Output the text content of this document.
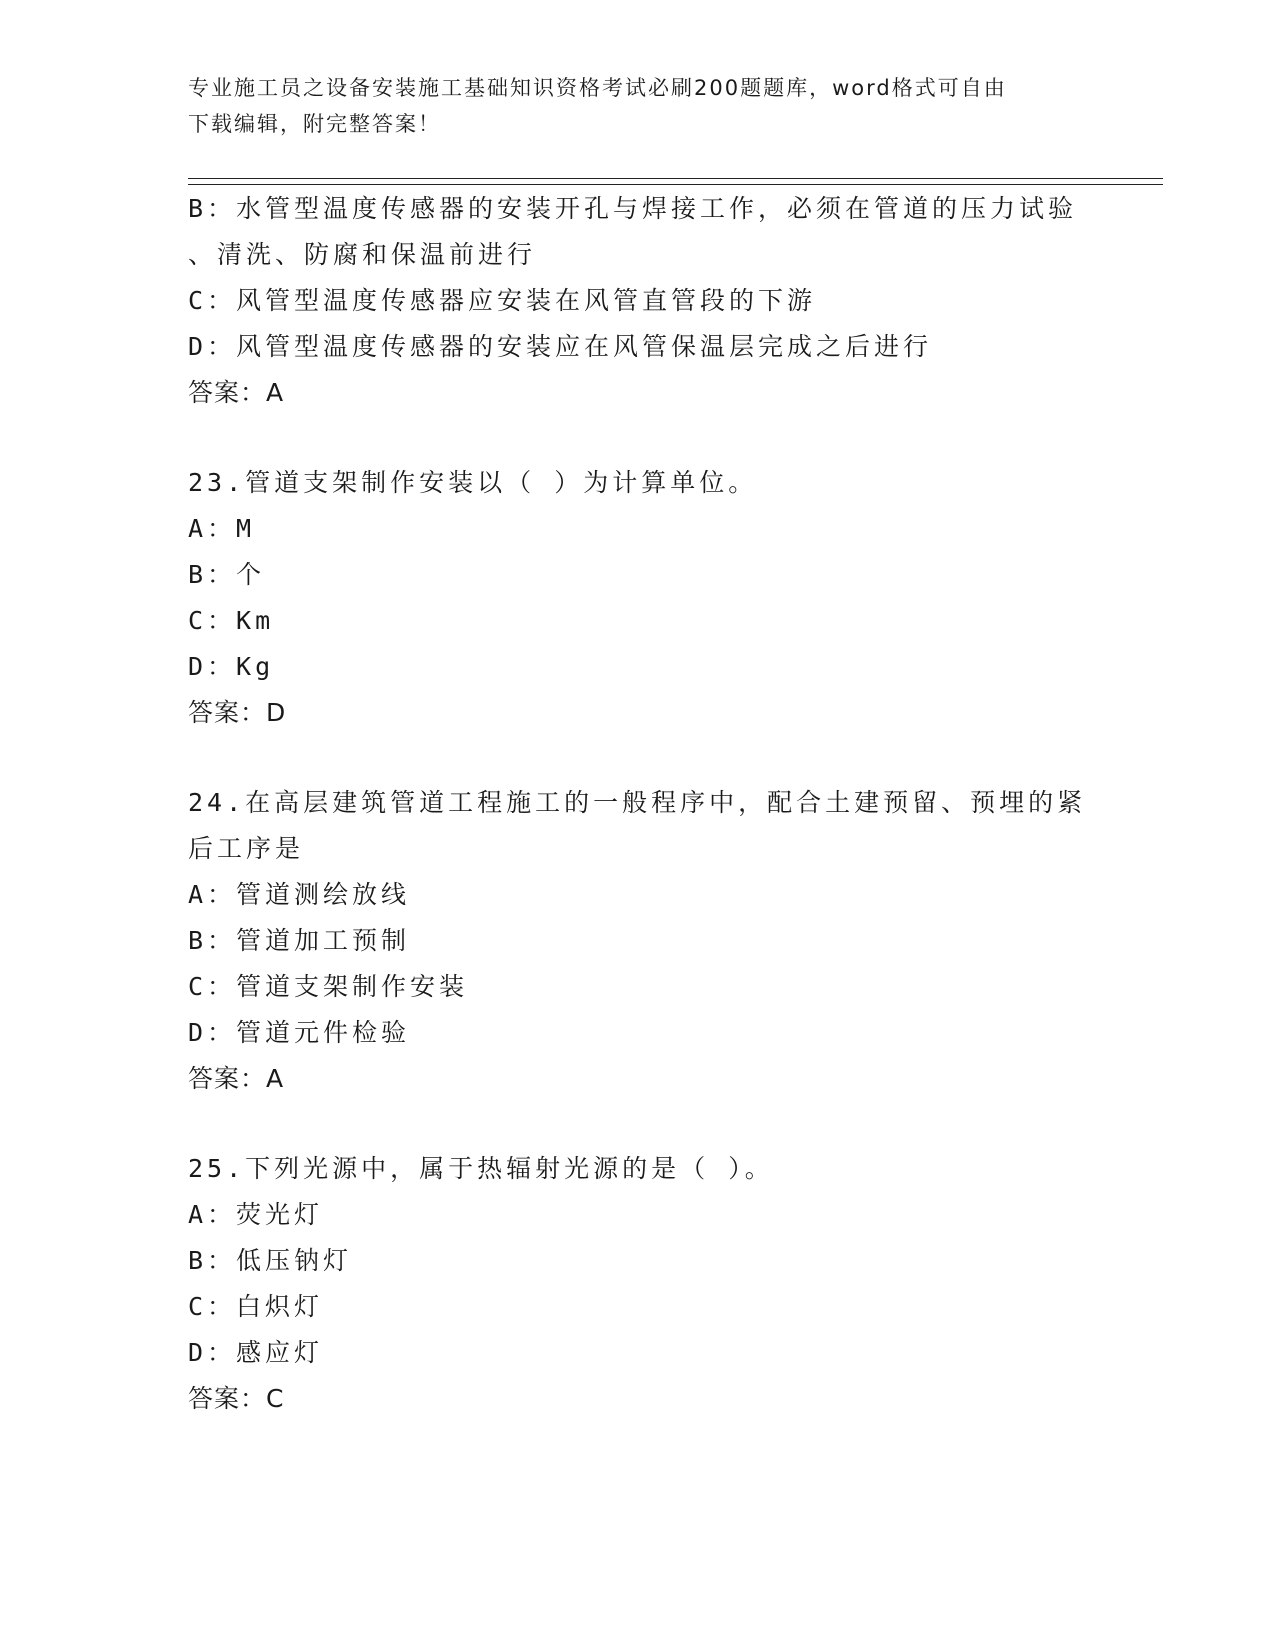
专业施工员之设备安装施工基础知识资格考试必刷200题题库，word格式可自由
下载编辑，附完整答案！
B：水管型温度传感器的安装开孔与焊接工作，必须在管道的压力试验
、清洗、防腐和保温前进行
C：风管型温度传感器应安装在风管直管段的下游
D：风管型温度传感器的安装应在风管保温层完成之后进行
答案：A
23.管道支架制作安装以（ ）为计算单位。
A：M
B：个
C：Km
D：Kg
答案：D
24.在高层建筑管道工程施工的一般程序中，配合土建预留、预埋的紧
后工序是
A：管道测绘放线
B：管道加工预制
C：管道支架制作安装
D：管道元件检验
答案：A
25.下列光源中，属于热辐射光源的是（ ）。
A：荧光灯
B：低压钠灯
C：白炽灯
D：感应灯
答案：C
